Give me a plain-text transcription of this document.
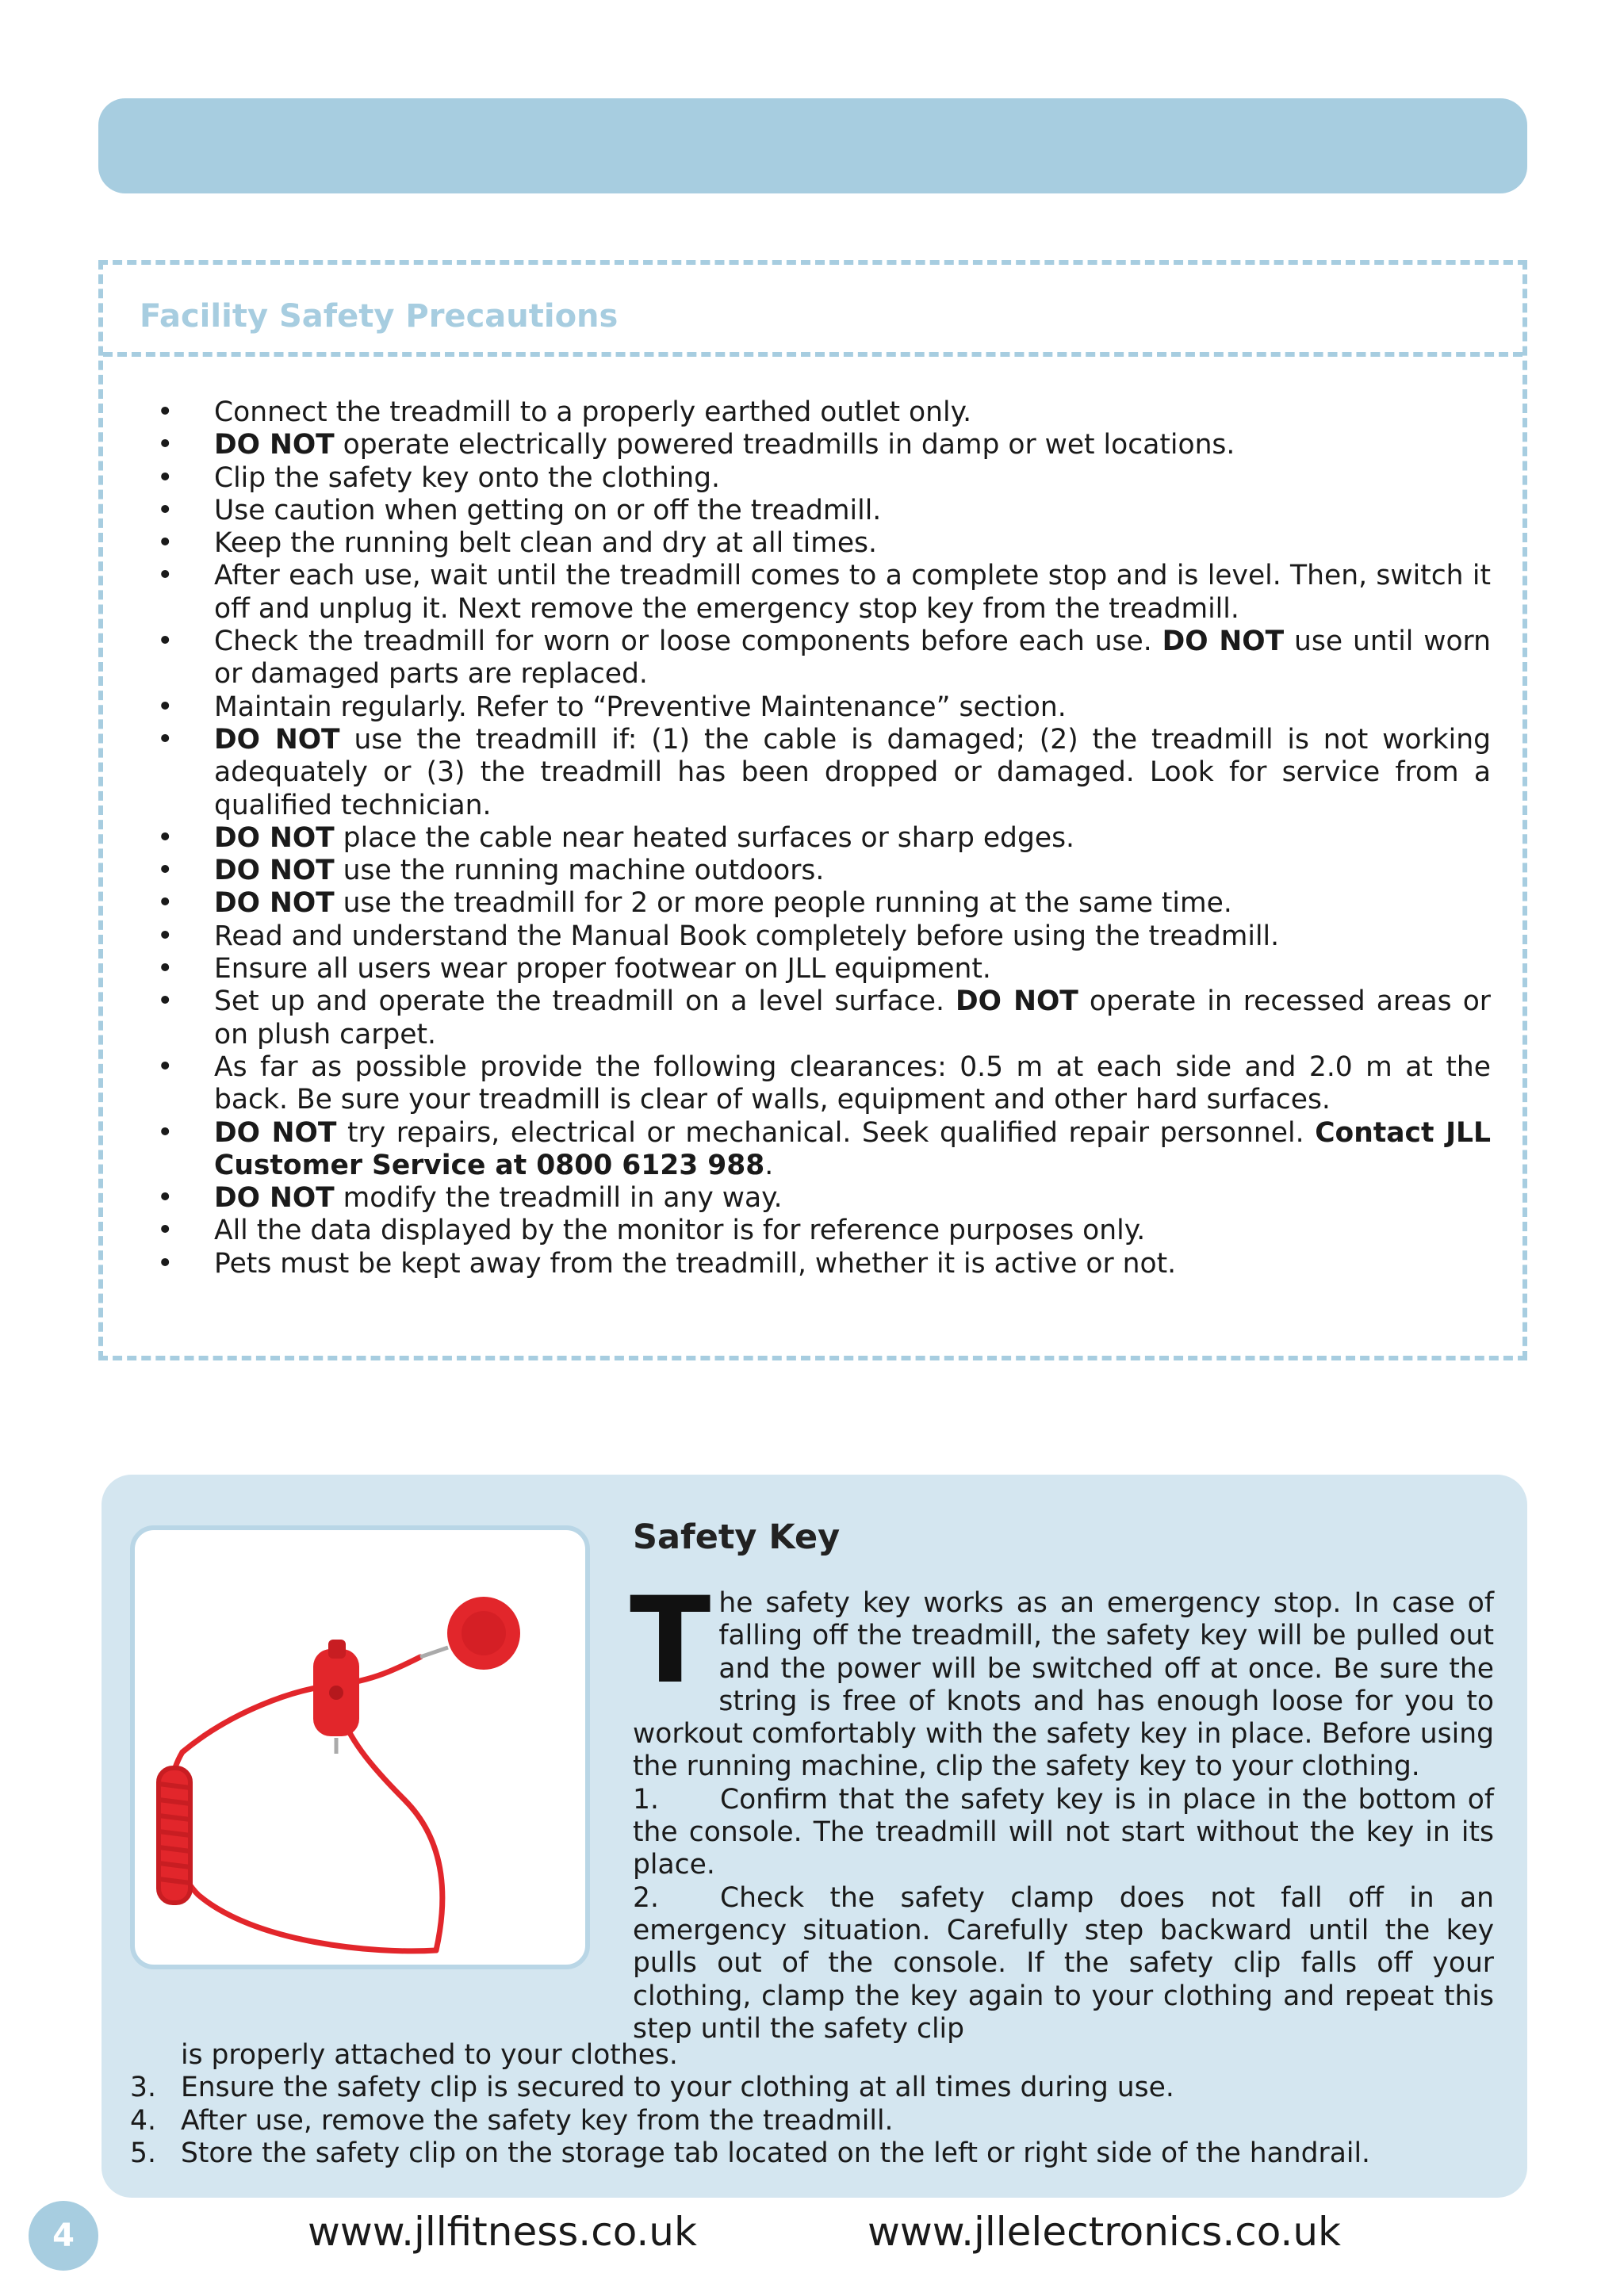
Facility Safety Precautions
•	Connect the treadmill to a properly earthed outlet only.
•	DO NOT operate electrically powered treadmills in damp or wet locations.
•	Clip the safety key onto the clothing.
•	Use caution when getting on or off the treadmill.
•	Keep the running belt clean and dry at all times.
•	After each use, wait until the treadmill comes to a complete stop and is level. Then, switch it off and unplug it. Next remove the emergency stop key from the treadmill.
•	Check the treadmill for worn or loose components before each use. DO NOT use until worn or damaged parts are replaced.
•	Maintain regularly. Refer to “Preventive Maintenance” section.
•	DO NOT use the treadmill if: (1) the cable is damaged; (2) the treadmill is not working adequately or (3) the treadmill has been dropped or damaged. Look for service from a qualified technician.
•	DO NOT place the cable near heated surfaces or sharp edges.
•	DO NOT use the running machine outdoors.
•	DO NOT use the treadmill for 2 or more people running at the same time.
•	Read and understand the Manual Book completely before using the treadmill.
•	Ensure all users wear proper footwear on JLL equipment.
•	Set up and operate the treadmill on a level surface. DO NOT operate in recessed areas or on plush carpet.
•	As far as possible provide the following clearances: 0.5 m at each side and 2.0 m at the back. Be sure your treadmill is clear of walls, equipment and other hard surfaces.
•	DO NOT try repairs, electrical or mechanical. Seek qualified repair personnel. Contact JLL Customer Service at 0800 6123 988.
•	DO NOT modify the treadmill in any way.
•	All the data displayed by the monitor is for reference purposes only.
•	Pets must be kept away from the treadmill, whether it is active or not.
Safety Key
T he safety key works as an emergency stop. In case of falling off the treadmill, the safety key will be pulled out and the power will be switched off at once. Be sure the string is free of knots and has enough loose for you to workout comfortably with the safety key in place. Before using the running machine, clip the safety key to your clothing.
1. Confirm that the safety key is in place in the bottom of the console. The treadmill will not start without the key in its place.
2. Check the safety clamp does not fall off in an emergency situation. Carefully step backward until the key pulls out of the console. If the safety clip falls off your clothing, clamp the key again to your clothing and repeat this step until the safety clip
is properly attached to your clothes.
3. Ensure the safety clip is secured to your clothing at all times during use.
4. After use, remove the safety key from the treadmill.
5. Store the safety clip on the storage tab located on the left or right side of the handrail.
4	www.jllfitness.co.uk	www.jllelectronics.co.uk
